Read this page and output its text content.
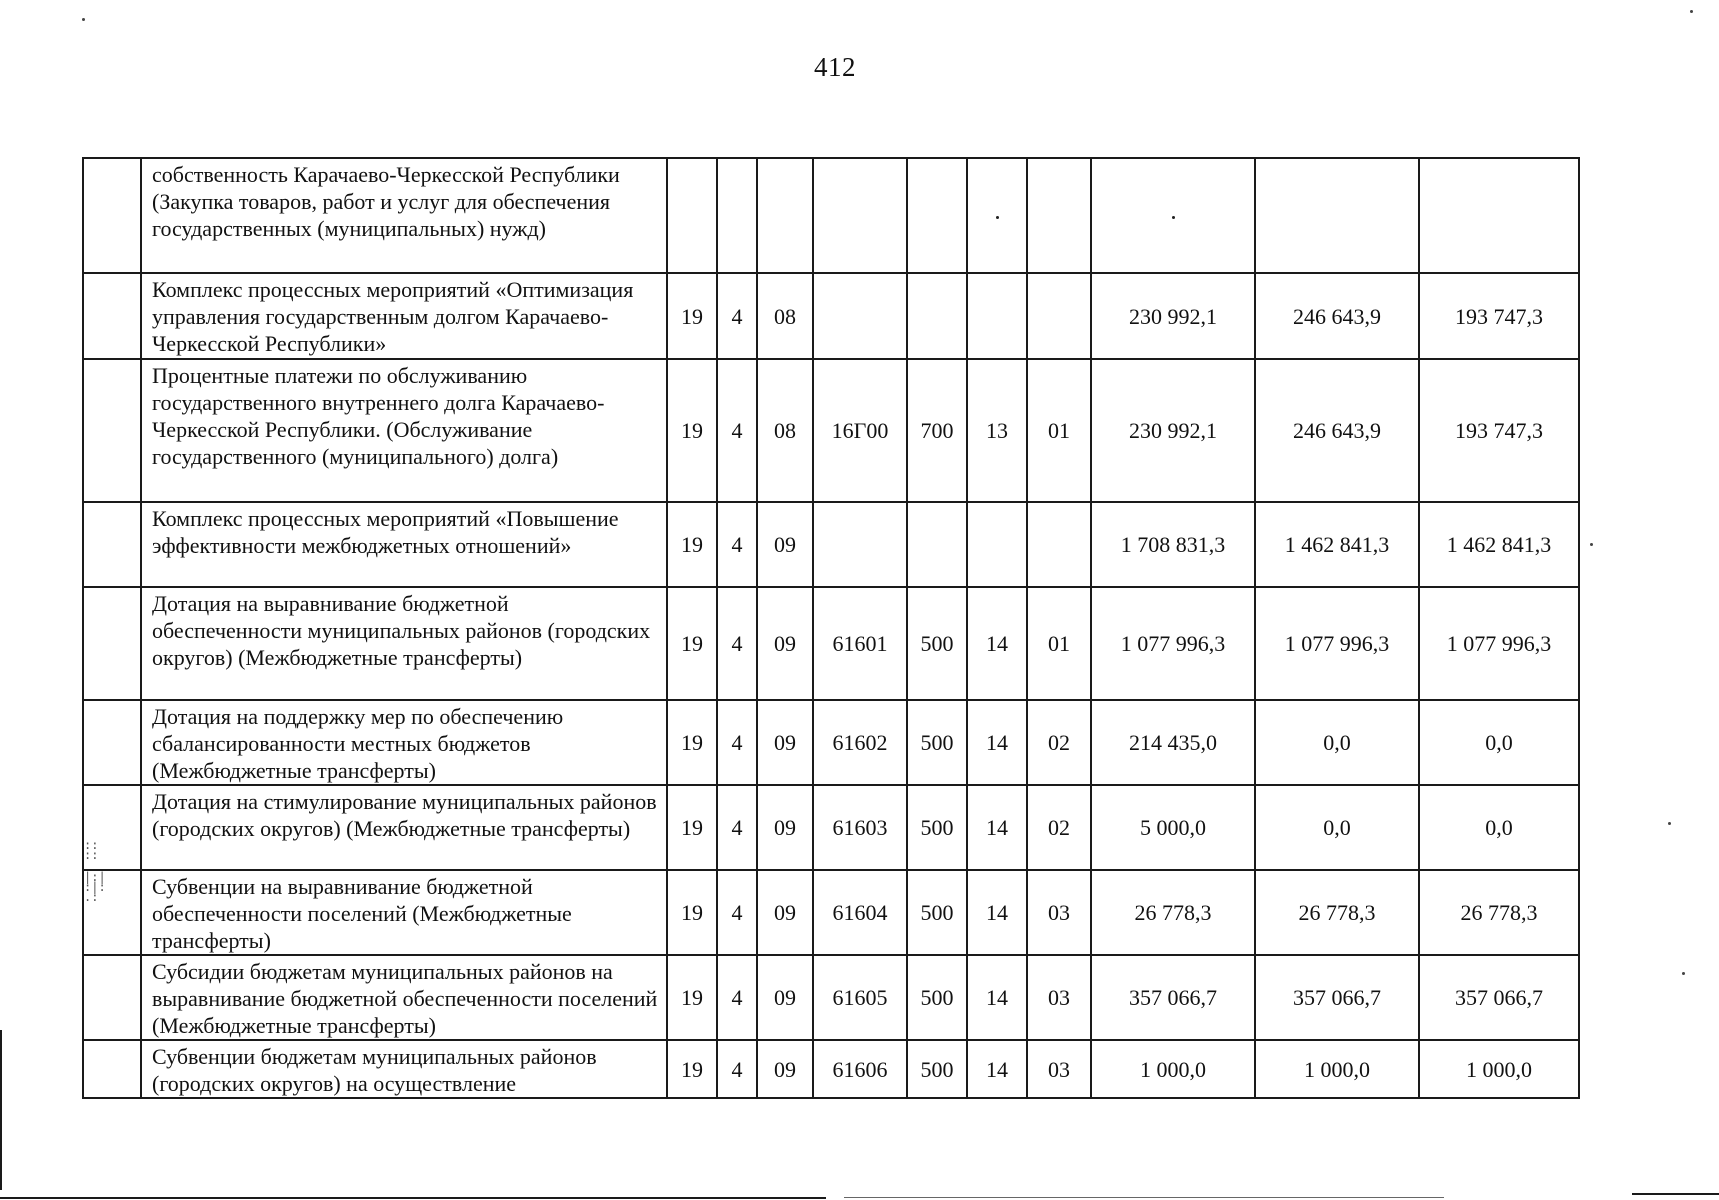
412
	собственность Карачаево-Черкесской Республики (Закупка товаров, работ и услуг для обеспечения государственных (муниципальных) нужд)										
	Комплекс процессных мероприятий «Оптимизация управления государственным долгом Карачаево-Черкесской Республики»	19	4	08					230 992,1	246 643,9	193 747,3
	Процентные платежи по обслуживанию государственного внутреннего долга Карачаево-Черкесской Республики. (Обслуживание государственного (муниципального) долга)	19	4	08	16Г00	700	13	01	230 992,1	246 643,9	193 747,3
	Комплекс процессных мероприятий «Повышение эффективности межбюджетных отношений»	19	4	09					1 708 831,3	1 462 841,3	1 462 841,3
	Дотация на выравнивание бюджетной обеспеченности муниципальных районов (городских округов) (Межбюджетные трансферты)	19	4	09	61601	500	14	01	1 077 996,3	1 077 996,3	1 077 996,3
	Дотация на поддержку мер по обеспечению сбалансированности местных бюджетов (Межбюджетные трансферты)	19	4	09	61602	500	14	02	214 435,0	0,0	0,0
	Дотация на стимулирование муниципальных районов (городских округов) (Межбюджетные трансферты)	19	4	09	61603	500	14	02	5 000,0	0,0	0,0
	Субвенции на выравнивание бюджетной обеспеченности поселений (Межбюджетные трансферты)	19	4	09	61604	500	14	03	26 778,3	26 778,3	26 778,3
	Субсидии бюджетам муниципальных районов на выравнивание бюджетной обеспеченности поселений (Межбюджетные трансферты)	19	4	09	61605	500	14	03	357 066,7	357 066,7	357 066,7
	Субвенции бюджетам муниципальных районов (городских округов) на осуществление	19	4	09	61606	500	14	03	1 000,0	1 000,0	1 000,0
::
::
|:|
:|:
.:
